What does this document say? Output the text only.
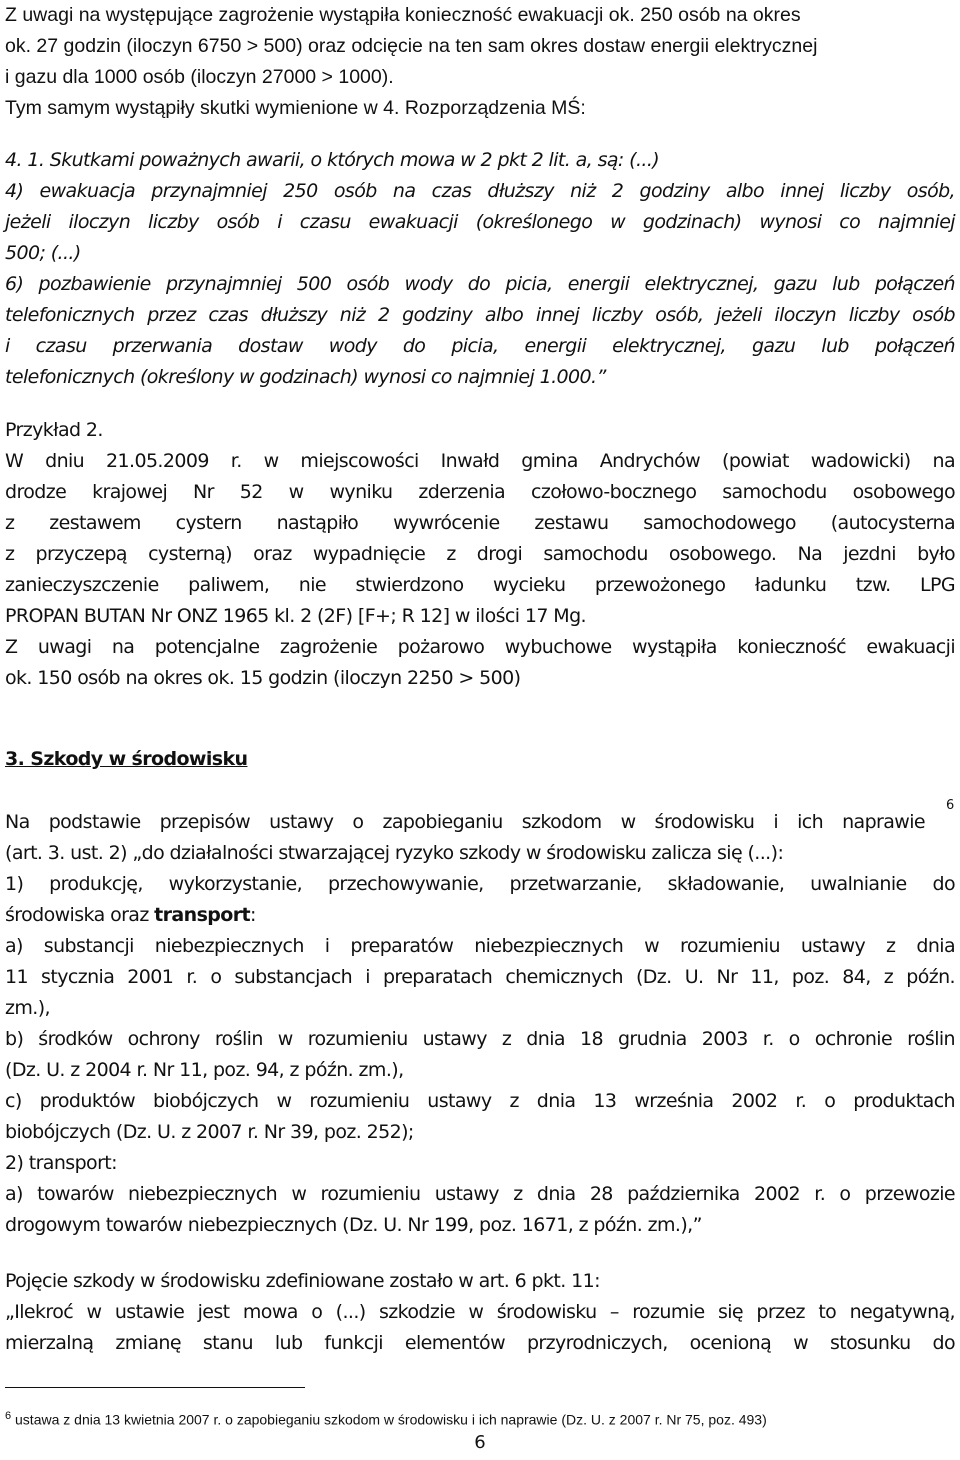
Z uwagi na występujące zagrożenie wystąpiła konieczność ewakuacji ok. 250 osób na okres
ok. 27 godzin (iloczyn 6750 > 500) oraz odcięcie na ten sam okres dostaw energii elektrycznej
i gazu dla 1000 osób (iloczyn 27000 > 1000).
Tym samym wystąpiły skutki wymienione w 4. Rozporządzenia MŚ:
4. 1. Skutkami poważnych awarii, o których mowa w 2 pkt 2 lit. a, są: (...)
4) ewakuacja przynajmniej 250 osób na czas dłuższy niż 2 godziny albo innej liczby osób,
jeżeli iloczyn liczby osób i czasu ewakuacji (określonego w godzinach) wynosi co najmniej
500; (...)
6) pozbawienie przynajmniej 500 osób wody do picia, energii elektrycznej, gazu lub połączeń
telefonicznych przez czas dłuższy niż 2 godziny albo innej liczby osób, jeżeli iloczyn liczby osób
i czasu przerwania dostaw wody do picia, energii elektrycznej, gazu lub połączeń
telefonicznych (określony w godzinach) wynosi co najmniej 1.000.”
Przykład 2.
W dniu 21.05.2009 r. w miejscowości Inwałd gmina Andrychów (powiat wadowicki) na
drodze krajowej Nr 52 w wyniku zderzenia czołowo-bocznego samochodu osobowego
z zestawem cystern nastąpiło wywrócenie zestawu samochodowego (autocysterna
z przyczepą cysterną) oraz wypadnięcie z drogi samochodu osobowego. Na jezdni było
zanieczyszczenie paliwem, nie stwierdzono wycieku przewożonego ładunku tzw. LPG
PROPAN BUTAN Nr ONZ 1965 kl. 2 (2F) [F+; R 12] w ilości 17 Mg.
Z uwagi na potencjalne zagrożenie pożarowo wybuchowe wystąpiła konieczność ewakuacji
ok. 150 osób na okres ok. 15 godzin (iloczyn 2250 > 500)
3. Szkody w środowisku
Na podstawie przepisów ustawy o zapobieganiu szkodom w środowisku i ich naprawie
6
(art. 3. ust. 2) „do działalności stwarzającej ryzyko szkody w środowisku zalicza się (...):
1) produkcję, wykorzystanie, przechowywanie, przetwarzanie, składowanie, uwalnianie do
środowiska oraz transport:
a) substancji niebezpiecznych i preparatów niebezpiecznych w rozumieniu ustawy z dnia
11 stycznia 2001 r. o substancjach i preparatach chemicznych (Dz. U. Nr 11, poz. 84, z późn.
zm.),
b) środków ochrony roślin w rozumieniu ustawy z dnia 18 grudnia 2003 r. o ochronie roślin
(Dz. U. z 2004 r. Nr 11, poz. 94, z późn. zm.),
c) produktów biobójczych w rozumieniu ustawy z dnia 13 września 2002 r. o produktach
biobójczych (Dz. U. z 2007 r. Nr 39, poz. 252);
2) transport:
a) towarów niebezpiecznych w rozumieniu ustawy z dnia 28 października 2002 r. o przewozie
drogowym towarów niebezpiecznych (Dz. U. Nr 199, poz. 1671, z późn. zm.),”
Pojęcie szkody w środowisku zdefiniowane zostało w art. 6 pkt. 11:
„Ilekroć w ustawie jest mowa o (...) szkodzie w środowisku – rozumie się przez to negatywną,
mierzalną zmianę stanu lub funkcji elementów przyrodniczych, ocenioną w stosunku do
$^6$ ustawa z dnia 13 kwietnia 2007 r. o zapobieganiu szkodom w środowisku i ich naprawie (Dz. U. z 2007 r. Nr 75, poz. 493)
6
